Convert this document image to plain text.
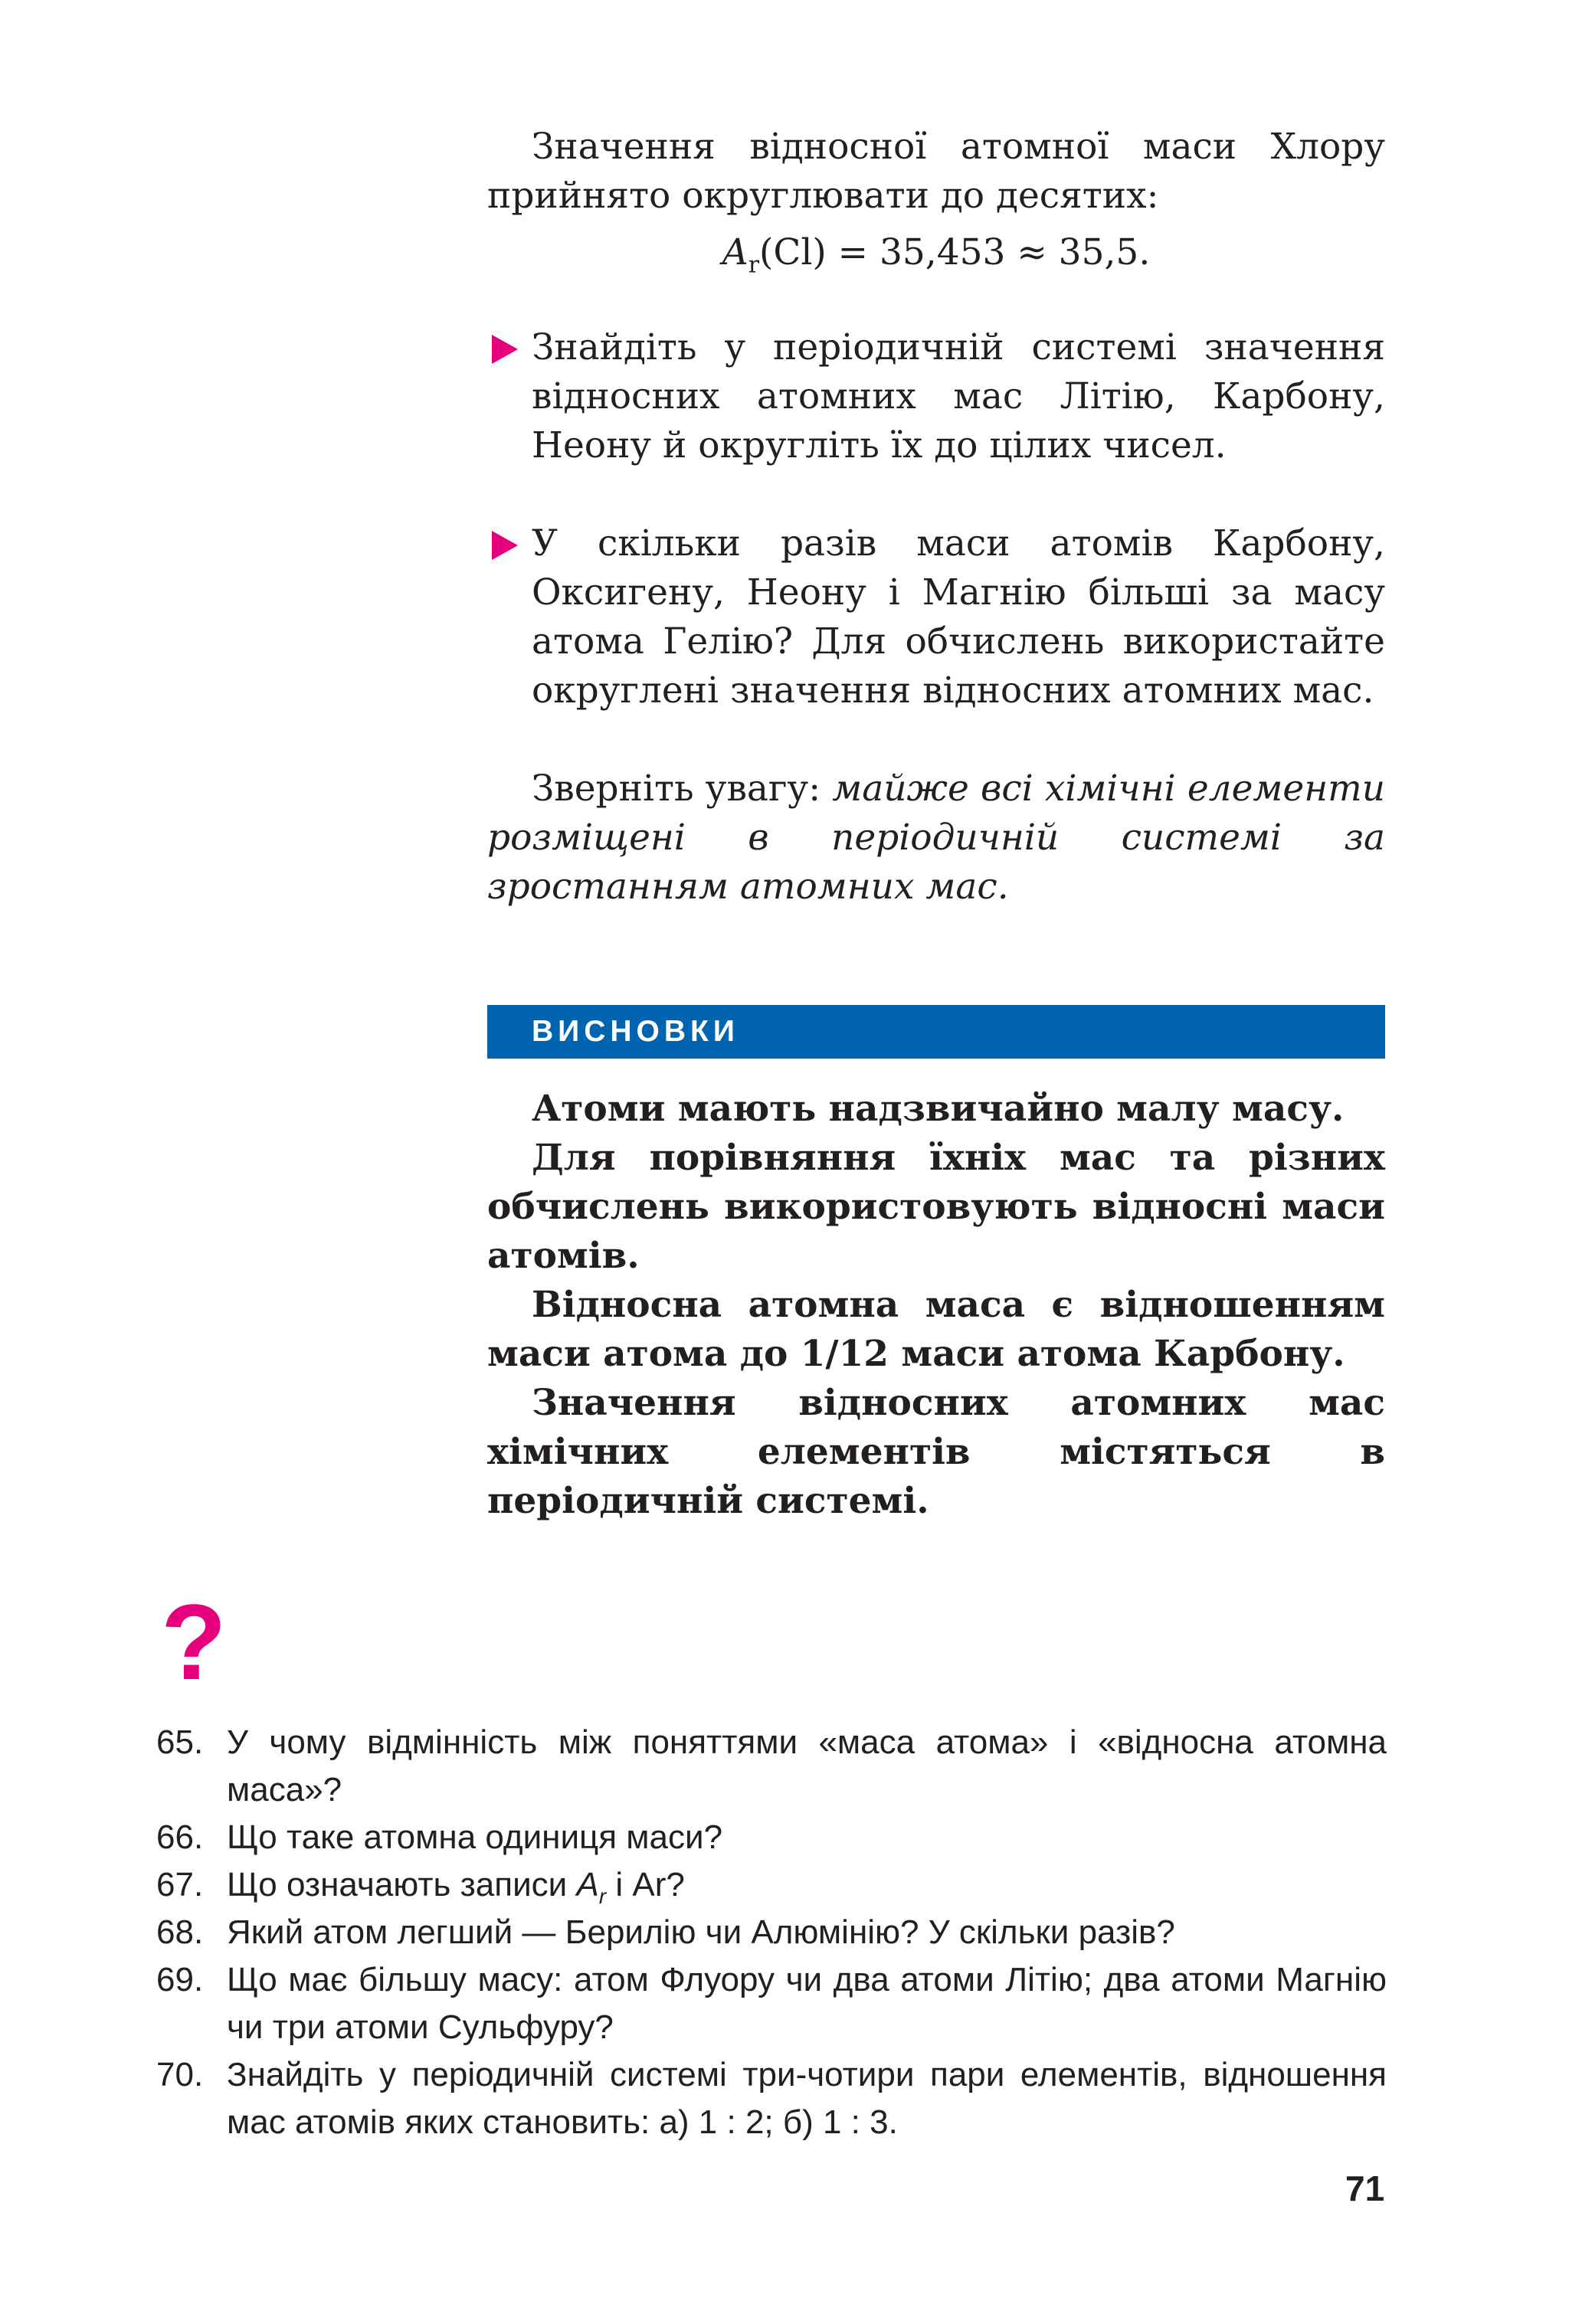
Значення відносної атомної маси Хлору прийнято округлювати до десятих:

$A_r(Cl) = 35,453 \approx 35,5$.

Знайдіть у періодичній системі значення відносних атомних мас Літію, Карбону, Неону й округліть їх до цілих чисел.

У скільки разів маси атомів Карбону, Оксигену, Неону і Магнію більші за масу атома Гелію? Для обчислень використайте округлені значення відносних атомних мас.

Зверніть увагу: майже всі хімічні елементи розміщені в періодичній системі за зростанням атомних мас.

ВИСНОВКИ

Атоми мають надзвичайно малу масу.

Для порівняння їхніх мас та різних обчислень використовують відносні маси атомів.

Відносна атомна маса є відношенням маси атома до 1/12 маси атома Карбону.

Значення відносних атомних мас хімічних елементів містяться в періодичній системі.

?
65. У чому відмінність між поняттями «маса атома» і «відносна атомна маса»?
66. Що таке атомна одиниця маси?
67. Що означають записи $A_r$ і Ar?
68. Який атом легший — Берилію чи Алюмінію? У скільки разів?
69. Що має більшу масу: атом Флуору чи два атоми Літію; два атоми Магнію чи три атоми Сульфуру?
70. Знайдіть у періодичній системі три-чотири пари елементів, відношення мас атомів яких становить: а) 1 : 2; б) 1 : 3.
71
